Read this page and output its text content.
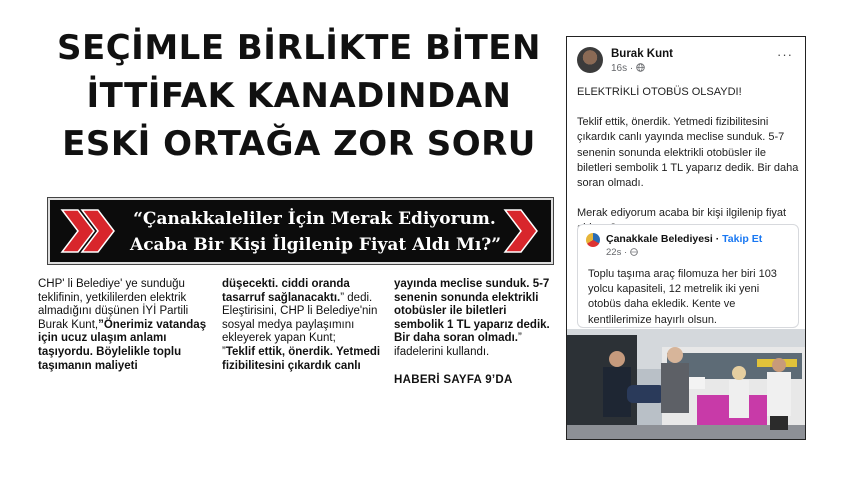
SEÇİMLE BİRLİKTE BİTEN
İTTİFAK KANADINDAN
ESKİ ORTAĞA ZOR SORU
“Çanakkaleliler İçin Merak Ediyorum.
Acaba Bir Kişi İlgilenip Fiyat Aldı Mı?”

CHP' li Belediye' ye sunduğu teklifinin, yetkililerden elektrik almadığını düşünen İYİ Partili Burak Kunt,”Önerimiz vatandaş için ucuz ulaşım anlamı taşıyordu. Böylelikle toplu taşımanın maliyeti

düşecekti. ciddi oranda tasarruf sağlanacaktı.” dedi.

Eleştirisini, CHP li Belediye'nin sosyal medya paylaşımını ekleyerek yapan Kunt;

”Teklif ettik, önerdik. Yetmedi fizibilitesini çıkardık canlı

yayında meclise sunduk. 5-7 senenin sonunda elektrikli otobüsler ile biletleri sembolik 1 TL yaparız dedik. Bir daha soran olmadı.” ifadelerini kullandı.

HABERİ SAYFA 9’DA

Burak Kunt
16s ·
···

ELEKTRİKLİ OTOBÜS OLSAYDI!

Teklif ettik, önerdik. Yetmedi fizibilitesini çıkardık canlı yayında meclise sunduk. 5-7 senenin sonunda elektrikli otobüsler ile biletleri sembolik 1 TL yaparız dedik. Bir daha soran olmadı.

Merak ediyorum acaba bir kişi ilgilenip fiyat

Çanakkale Belediyesi · Takip Et
22s ·
Toplu taşıma araç filomuza her biri 103 yolcu kapasiteli, 12 metrelik iki yeni otobüs daha ekledik. Kente ve kentlilerimize hayırlı olsun.
